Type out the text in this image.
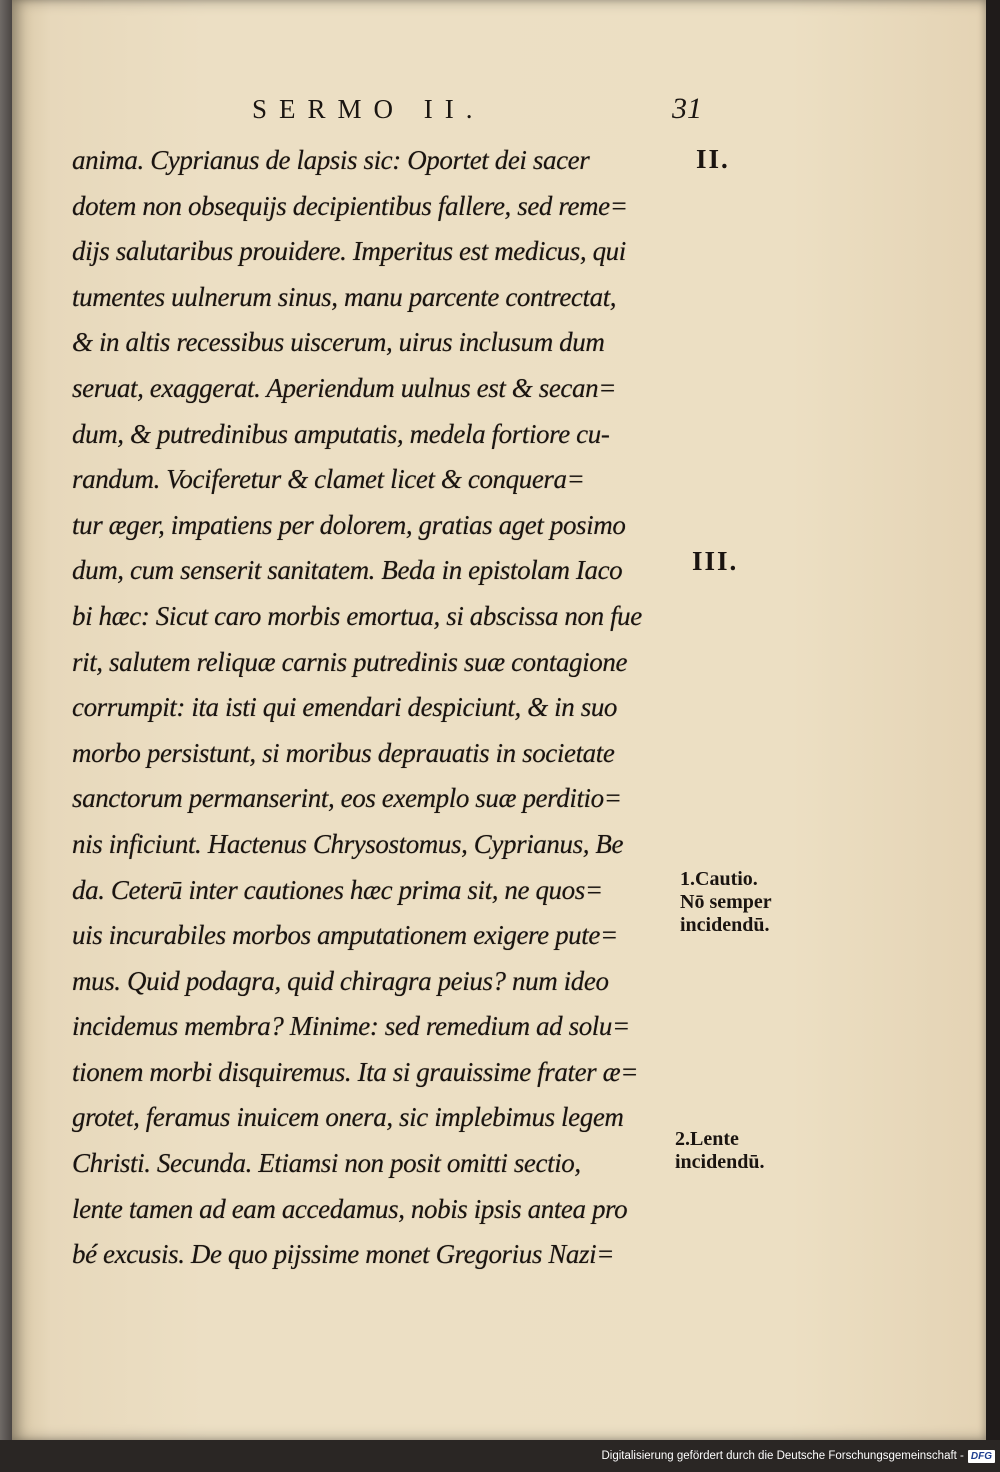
SERMO II.	31
anima. Cyprianus de lapsis sic: Oportet dei sacer
dotem non obsequijs decipientibus fallere, sed reme=
dijs salutaribus prouidere. Imperitus est medicus, qui
tumentes uulnerum sinus, manu parcente contrectat,
& in altis recessibus uiscerum, uirus inclusum dum
seruat, exaggerat. Aperiendum uulnus est & secan=
dum, & putredinibus amputatis, medela fortiore cu-
randum. Vociferetur & clamet licet & conquera=
tur æger, impatiens per dolorem, gratias aget posimo
dum, cum senserit sanitatem. Beda in epistolam Iaco
bi hæc: Sicut caro morbis emortua, si abscissa non fue
rit, salutem reliquæ carnis putredinis suæ contagione
corrumpit: ita isti qui emendari despiciunt, & in suo
morbo persistunt, si moribus deprauatis in societate
sanctorum permanserint, eos exemplo suæ perditio=
nis inficiunt. Hactenus Chrysostomus, Cyprianus, Be
da. Ceterū inter cautiones hæc prima sit, ne quos=
uis incurabiles morbos amputationem exigere pute=
mus. Quid podagra, quid chiragra peius? num ideo
incidemus membra? Minime: sed remedium ad solu=
tionem morbi disquiremus. Ita si grauissime frater æ=
grotet, feramus inuicem onera, sic implebimus legem
Christi. Secunda. Etiamsi non posit omitti sectio,
lente tamen ad eam accedamus, nobis ipsis antea pro
bé excusis. De quo pijssime monet Gregorius Nazi=
II.
III.
1.Cautio.
Nō semper
incidendū.
2.Lente
incidendū.
Digitalisierung gefördert durch die Deutsche Forschungsgemeinschaft - DFG
